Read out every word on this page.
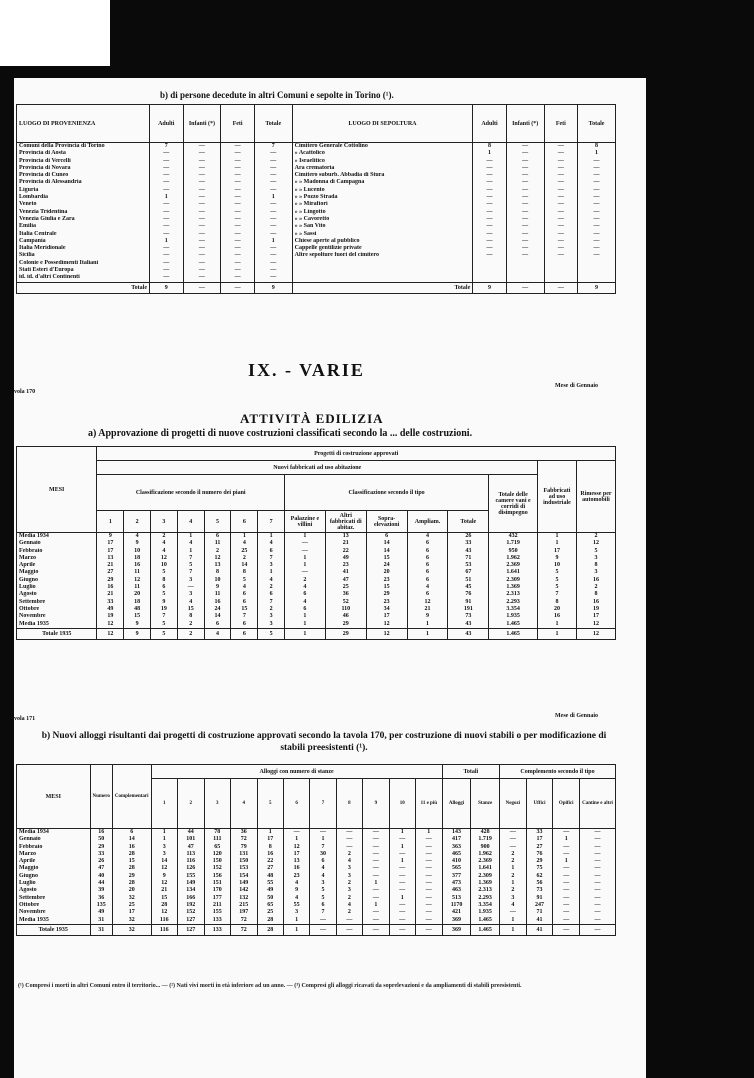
b) di persone decedute in altri Comuni e sepolte in Torino (¹).
LUOGO DI PROVENIENZA	Adulti	Infanti (*)	Feti	Totale	LUOGO DI SEPOLTURA	Adulti	Infanti (*)	Feti	Totale
Comuni della Provincia di Torino	7	—	—	7	Cimitero Generale Cottolino	8	—	—	8
Provincia di Aosta	—	—	—	—	» Acattolico	1	—	—	1
Provincia di Vercelli	—	—	—	—	» Israelitico	—	—	—	—
Provincia di Novara	—	—	—	—	Ara crematoria	—	—	—	—
Provincia di Cuneo	—	—	—	—	Cimitero suburb. Abbadia di Stura	—	—	—	—
Provincia di Alessandria	—	—	—	—	» » Madonna di Campagna	—	—	—	—
Liguria	—	—	—	—	» » Lucento	—	—	—	—
Lombardia	1	—	—	1	» » Pozzo Strada	—	—	—	—
Veneto	—	—	—	—	» » Mirafiori	—	—	—	—
Venezia Tridentina	—	—	—	—	» » Lingotto	—	—	—	—
Venezia Giulia e Zara	—	—	—	—	» » Cavoretto	—	—	—	—
Emilia	—	—	—	—	» » San Vito	—	—	—	—
Italia Centrale	—	—	—	—	» » Sassi	—	—	—	—
Campania	1	—	—	1	Chiese aperte al pubblico	—	—	—	—
Italia Meridionale	—	—	—	—	Cappelle gentilizie private	—	—	—	—
Sicilia	—	—	—	—	Altre sepolture fuori del cimitero	—	—	—	—
Colonie e Possedimenti Italiani	—	—	—	—					
Stati Esteri d'Europa	—	—	—	—					
id. id. d'altri Continenti	—	—	—	—					
Totale	9	—	—	9	Totale	9	—	—	9
IX. - VARIE
vola 170
Mese di Gennaio
ATTIVITÀ EDILIZIA
a) Approvazione di progetti di nuove costruzioni classificati secondo la ... delle costruzioni.
MESI	Progetti di costruzione approvati														
	Nuovi fabbricati ad uso abitazione													Fabbricati ad uso industriale	Rimesse per automobili
	Classificazione secondo il numero dei piani							Classificazione secondo il tipo					Totale delle camere vani e corridi di disimpegno		
	1	2	3	4	5	6	7	Palazzine e villini	Altri fabbricati di abitaz.	Sopra-elevazioni	Ampliam.	Totale			
Media 1934	9	4	2	1	6	1	1	1	13	6	4	26	432	1	2
Gennaio	17	9	4	4	11	4	4	—	21	14	6	33	1.719	1	12
Febbraio	17	10	4	1	2	25	6	—	22	14	6	43	950	17	5
Marzo	13	18	12	7	12	2	7	1	49	15	6	71	1.962	9	3
Aprile	21	16	10	5	13	14	3	1	23	24	6	53	2.369	10	8
Maggio	27	11	5	7	8	8	1	—	41	20	6	67	1.641	5	3
Giugno	29	12	8	3	10	5	4	2	47	23	6	51	2.309	5	16
Luglio	16	11	6	—	9	4	2	4	25	15	4	45	1.369	5	2
Agosto	21	20	5	3	11	6	6	6	36	29	6	76	2.313	7	8
Settembre	33	18	9	4	16	6	7	4	52	23	12	91	2.293	8	16
Ottobre	49	48	19	15	24	15	2	6	110	34	21	191	3.354	20	19
Novembre	19	15	7	8	14	7	3	1	46	17	9	73	1.935	16	17
Media 1935	12	9	5	2	6	6	3	1	29	12	1	43	1.465	1	12
Totale 1935	12	9	5	2	4	6	5	1	29	12	1	43	1.465	1	12
vola 171	Mese di Gennaio
b) Nuovi alloggi risultanti dai progetti di costruzione approvati secondo la tavola 170, per costruzione di nuovi stabili o per modificazione di stabili preesistenti (¹).
MESI	Numero	Complementari	Alloggi con numero di stanze											Totali		Complemento secondo il tipo			
			1	2	3	4	5	6	7	8	9	10	11 e più	Alloggi	Stanze	Negozi	Uffici	Opifici	Cantine e altri
Media 1934	16	6	1	44	78	36	1	—	—	—	—	1	1	143	428	—	33	—	—
Gennaio	50	14	1	101	111	72	17	1	1	—	—	—	—	417	1.719	—	17	1	—
Febbraio	29	16	3	47	65	79	8	12	7	—	—	1	—	363	900	—	27	—	—
Marzo	33	28	3	113	120	131	16	17	30	2	—	—	—	465	1.962	2	76	—	—
Aprile	26	15	14	116	150	150	22	13	6	4	—	1	—	410	2.369	2	29	1	—
Maggio	47	28	12	126	152	153	27	16	4	3	—	—	—	565	1.641	1	75	—	—
Giugno	40	29	9	155	156	154	48	23	4	3	—	—	—	377	2.309	2	62	—	—
Luglio	44	28	12	149	151	149	55	4	3	2	1	—	—	473	1.369	1	56	—	—
Agosto	39	20	21	134	170	142	49	9	5	3	—	—	—	463	2.313	2	73	—	—
Settembre	36	32	15	166	177	132	50	4	5	2	—	1	—	513	2.293	3	91	—	—
Ottobre	135	25	28	192	211	215	65	55	6	4	1	—	—	1170	3.354	4	247	—	—
Novembre	49	17	12	152	155	197	25	3	7	2	—	—	—	421	1.935	—	71	—	—
Media 1935	31	32	116	127	133	72	28	1	—	—	—	—	—	369	1.465	1	41	—	—
Totale 1935	31	32	116	127	133	72	28	1	—	—	—	—	—	369	1.465	1	41	—	—
(¹) Compresi i morti in altri Comuni entro il territorio... — (²) Nati vivi morti in età inferiore ad un anno. — (³) Compresi gli alloggi ricavati da soprelevazioni e da ampliamenti di stabili preesistenti.
